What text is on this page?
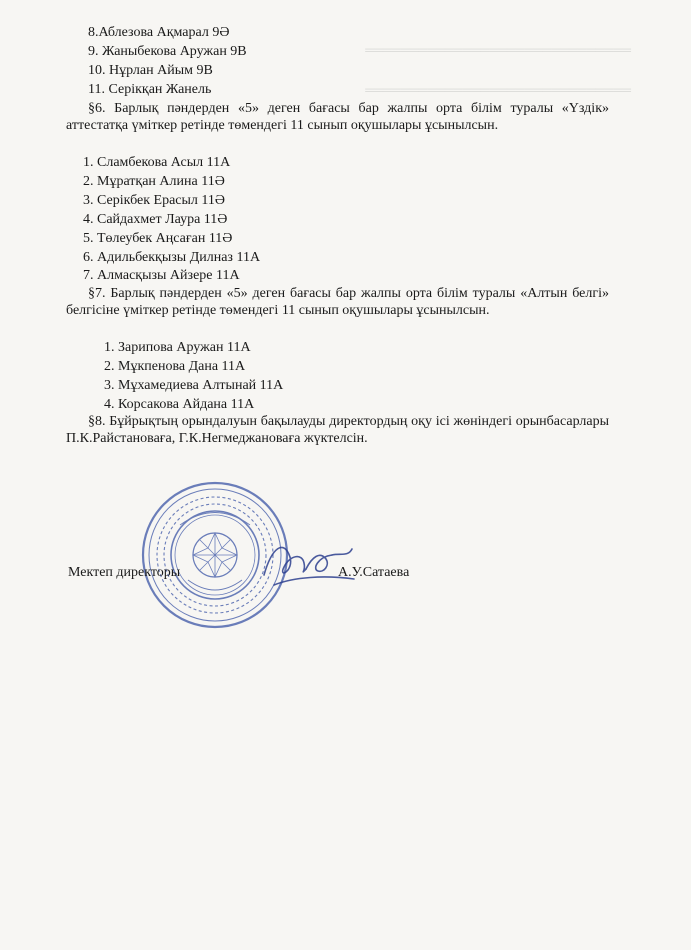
══════════════════════════════
══════════════════════════════
8.Аблезова Ақмарал 9Ә
9. Жаныбекова Аружан 9В
10. Нұрлан Айым 9В
11. Серікқан Жанель
§6. Барлық пәндерден «5» деген бағасы бар жалпы орта білім туралы «Үздік» аттестатқа үміткер ретінде төмендегі 11 сынып оқушылары ұсынылсын.
1. Сламбекова Асыл 11А
2. Мұратқан Алина 11Ә
3. Серікбек Ерасыл 11Ә
4. Сайдахмет Лаура 11Ә
5. Төлеубек Аңсаған 11Ә
6. Адильбекқызы Дилназ 11А
7. Алмасқызы Айзере 11А
§7. Барлық пәндерден «5» деген бағасы бар жалпы орта білім туралы «Алтын белгі» белгісіне үміткер ретінде төмендегі 11 сынып оқушылары ұсынылсын.
1. Зарипова Аружан 11А
2. Мұкпенова Дана 11А
3. Мұхамедиева Алтынай 11А
4. Корсакова Айдана 11А
§8. Бұйрықтың орындалуын бақылауды директордың оқу ісі жөніндегі орынбасарлары П.К.Райстановаға, Г.К.Негмеджановаға жүктелсін.
Мектеп директоры	А.У.Сатаева
